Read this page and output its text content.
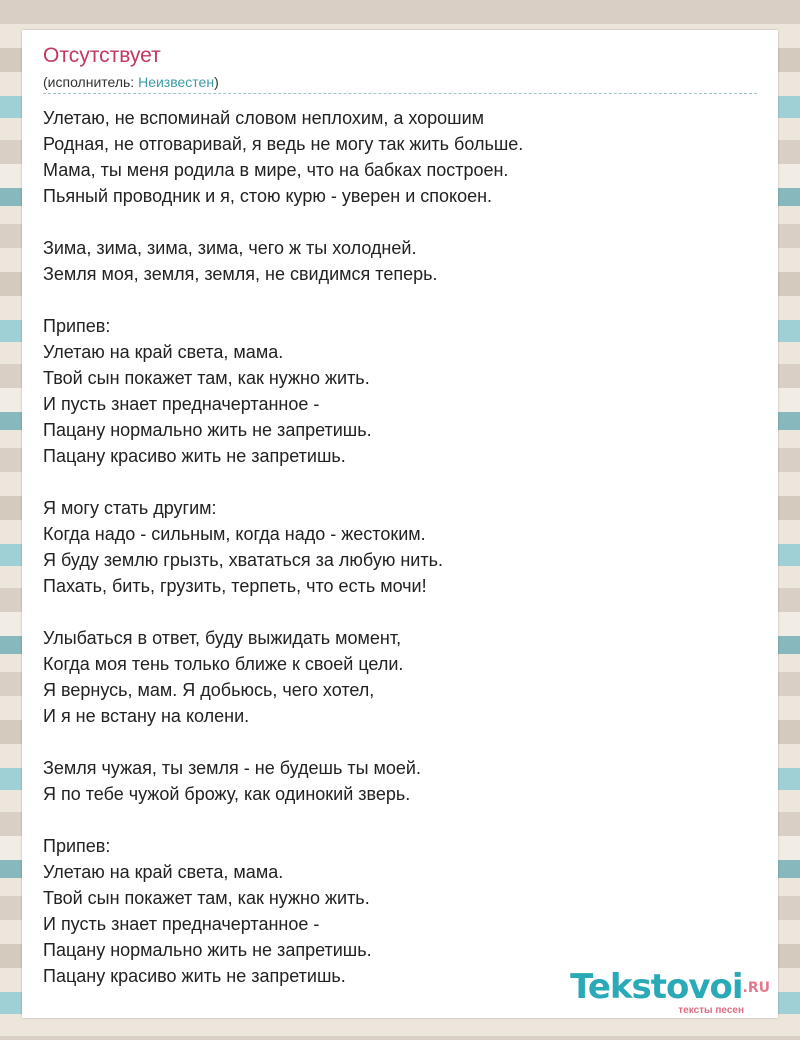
Отсутствует
(исполнитель: Неизвестен)
Улетаю, не вспоминай словом неплохим, а хорошим
Родная, не отговаривай, я ведь не могу так жить больше.
Мама, ты меня родила в мире, что на бабках построен.
Пьяный проводник и я, стою курю - уверен и спокоен.
Зима, зима, зима, зима, чего ж ты холодней.
Земля моя, земля, земля, не свидимся теперь.
Припев:
Улетаю на край света, мама.
Твой сын покажет там, как нужно жить.
И пусть знает предначертанное -
Пацану нормально жить не запретишь.
Пацану красиво жить не запретишь.
Я могу стать другим:
Когда надо - сильным, когда надо - жестоким.
Я буду землю грызть, хвататься за любую нить.
Пахать, бить, грузить, терпеть, что есть мочи!
Улыбаться в ответ, буду выжидать момент,
Когда моя тень только ближе к своей цели.
Я вернусь, мам. Я добьюсь, чего хотел,
И я не встану на колени.
Земля чужая, ты земля - не будешь ты моей.
Я по тебе чужой брожу, как одинокий зверь.
Припев:
Улетаю на край света, мама.
Твой сын покажет там, как нужно жить.
И пусть знает предначертанное -
Пацану нормально жить не запретишь.
Пацану красиво жить не запретишь.	Tekstovoi.RU
тексты песен
